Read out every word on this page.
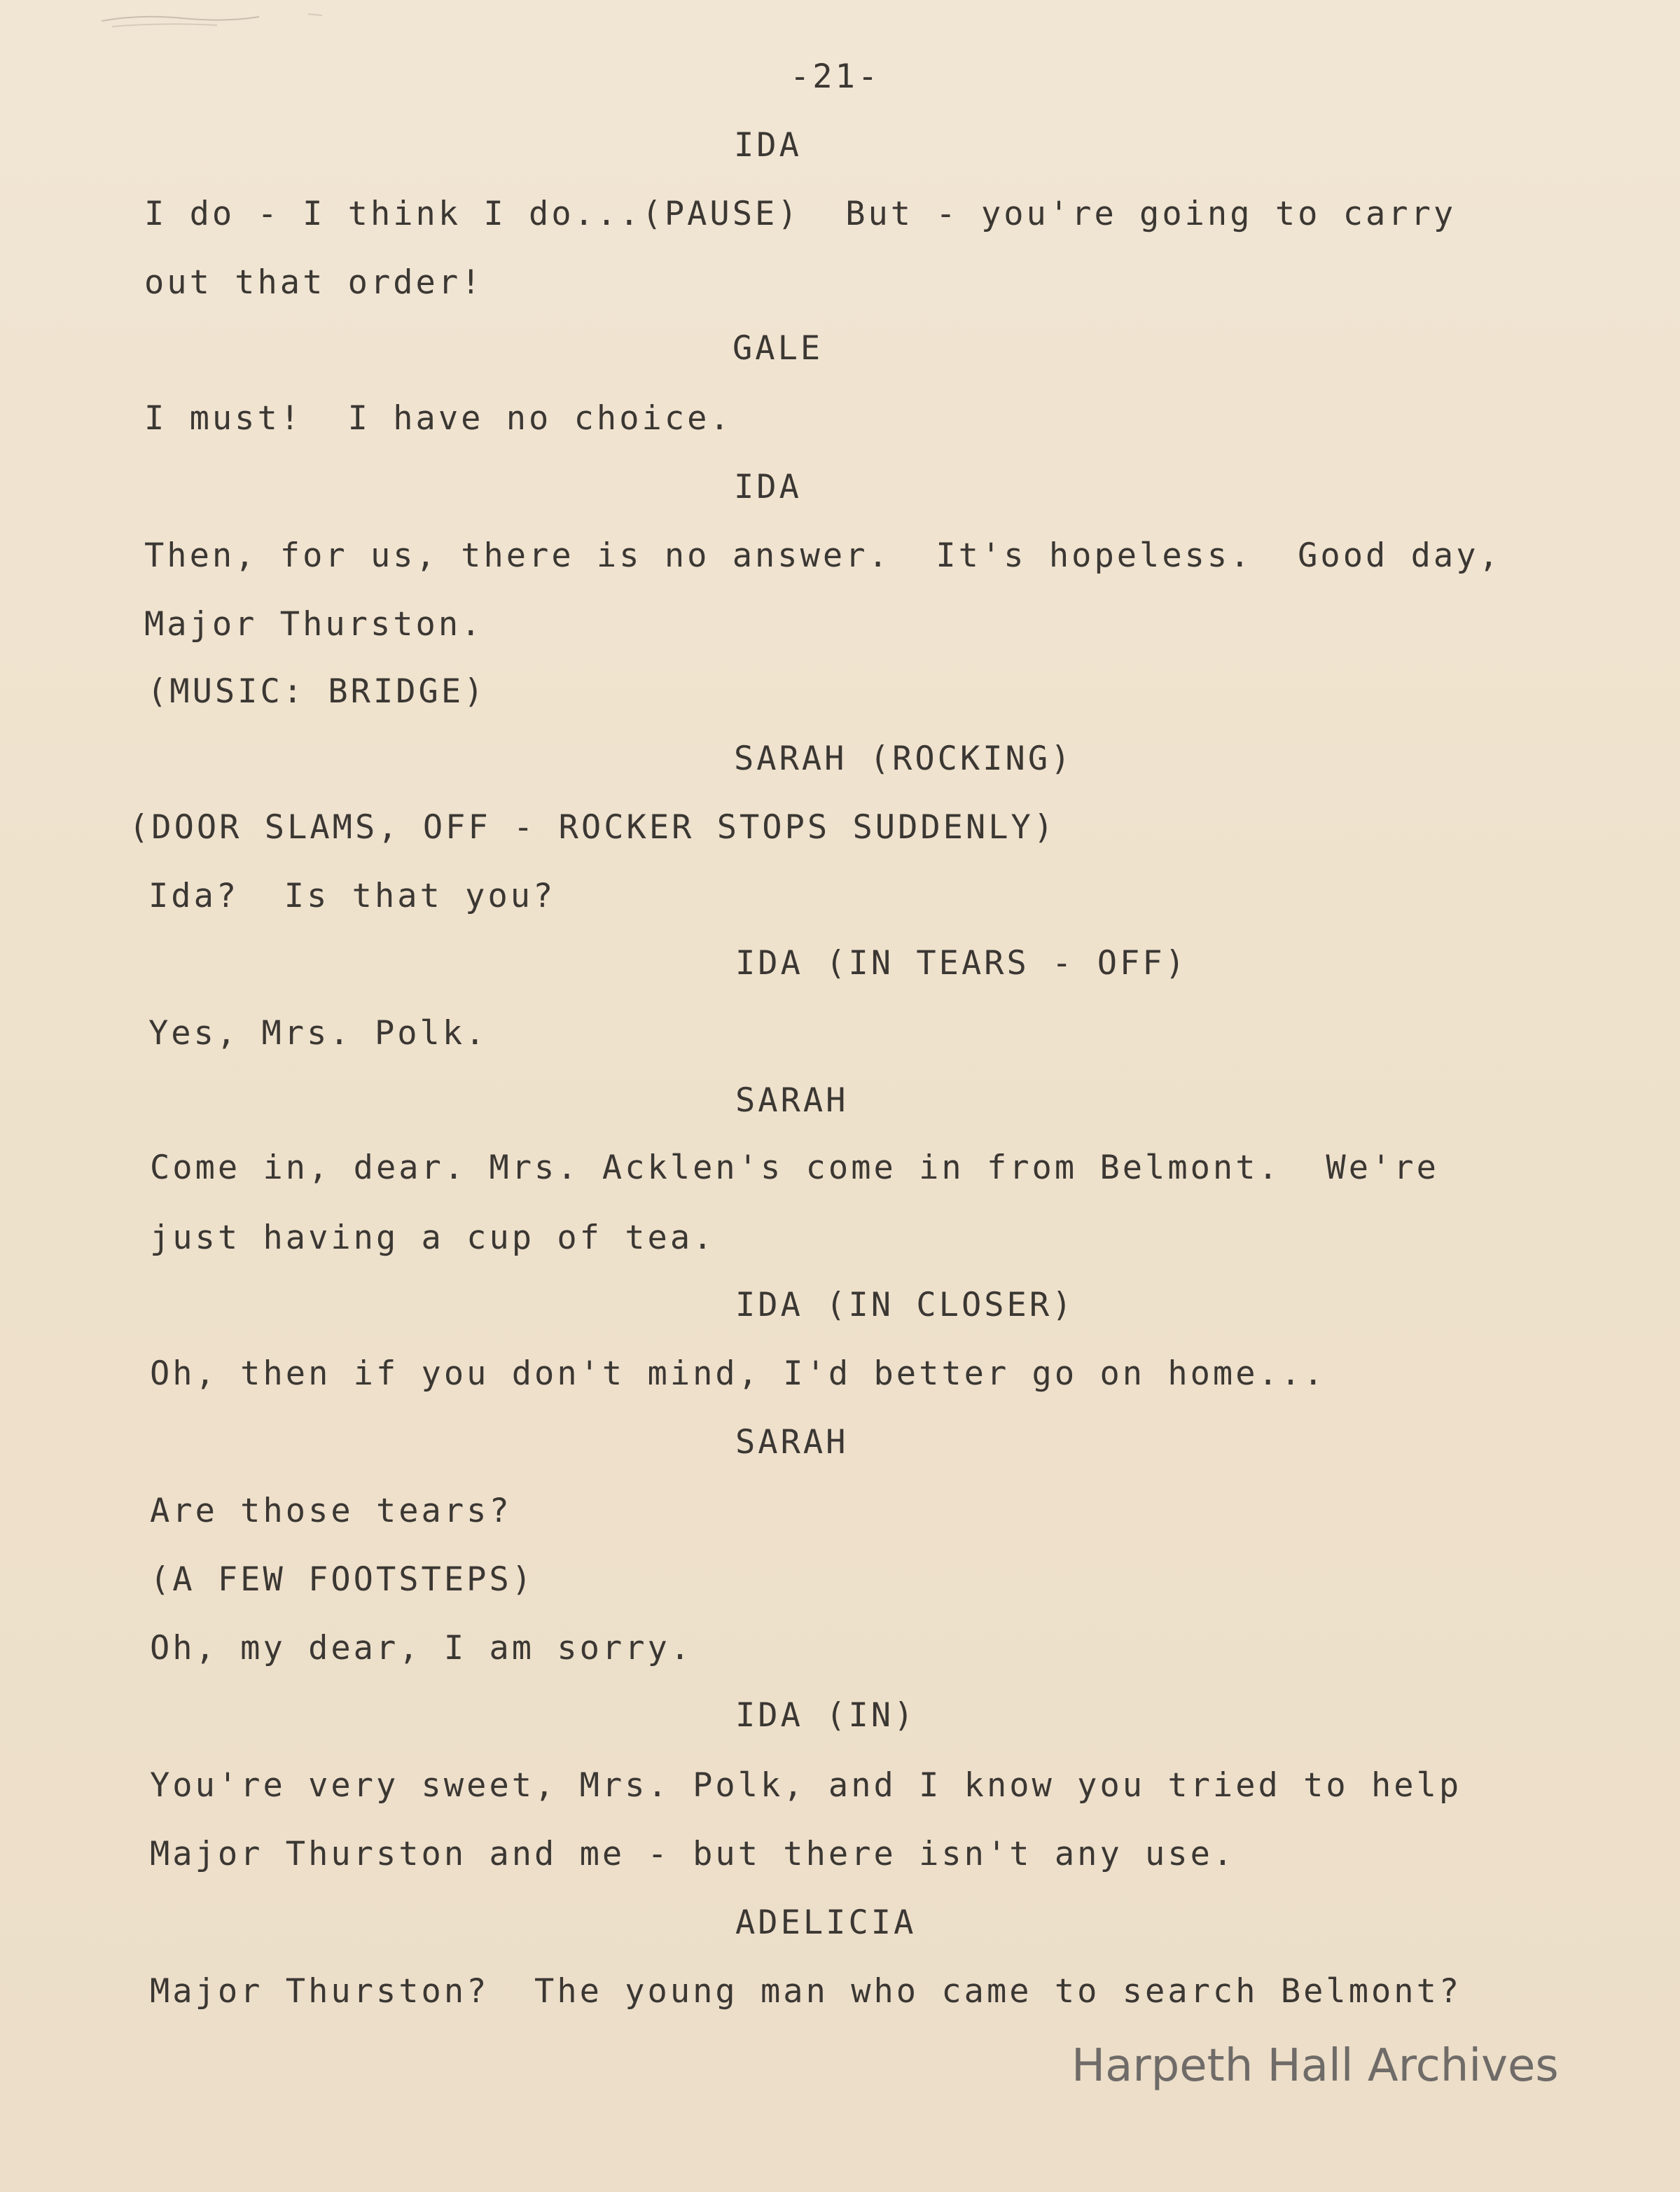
-21-
IDA
I do - I think I do...(PAUSE)  But - you're going to carry
out that order!
GALE
I must!  I have no choice.
IDA
Then, for us, there is no answer.  It's hopeless.  Good day,
Major Thurston.
(MUSIC: BRIDGE)
SARAH (ROCKING)
(DOOR SLAMS, OFF - ROCKER STOPS SUDDENLY)
Ida?  Is that you?
IDA (IN TEARS - OFF)
Yes, Mrs. Polk.
SARAH
Come in, dear. Mrs. Acklen's come in from Belmont.  We're
just having a cup of tea.
IDA (IN CLOSER)
Oh, then if you don't mind, I'd better go on home...
SARAH
Are those tears?
(A FEW FOOTSTEPS)
Oh, my dear, I am sorry.
IDA (IN)
You're very sweet, Mrs. Polk, and I know you tried to help
Major Thurston and me - but there isn't any use.
ADELICIA
Major Thurston?  The young man who came to search Belmont?
Harpeth Hall Archives
